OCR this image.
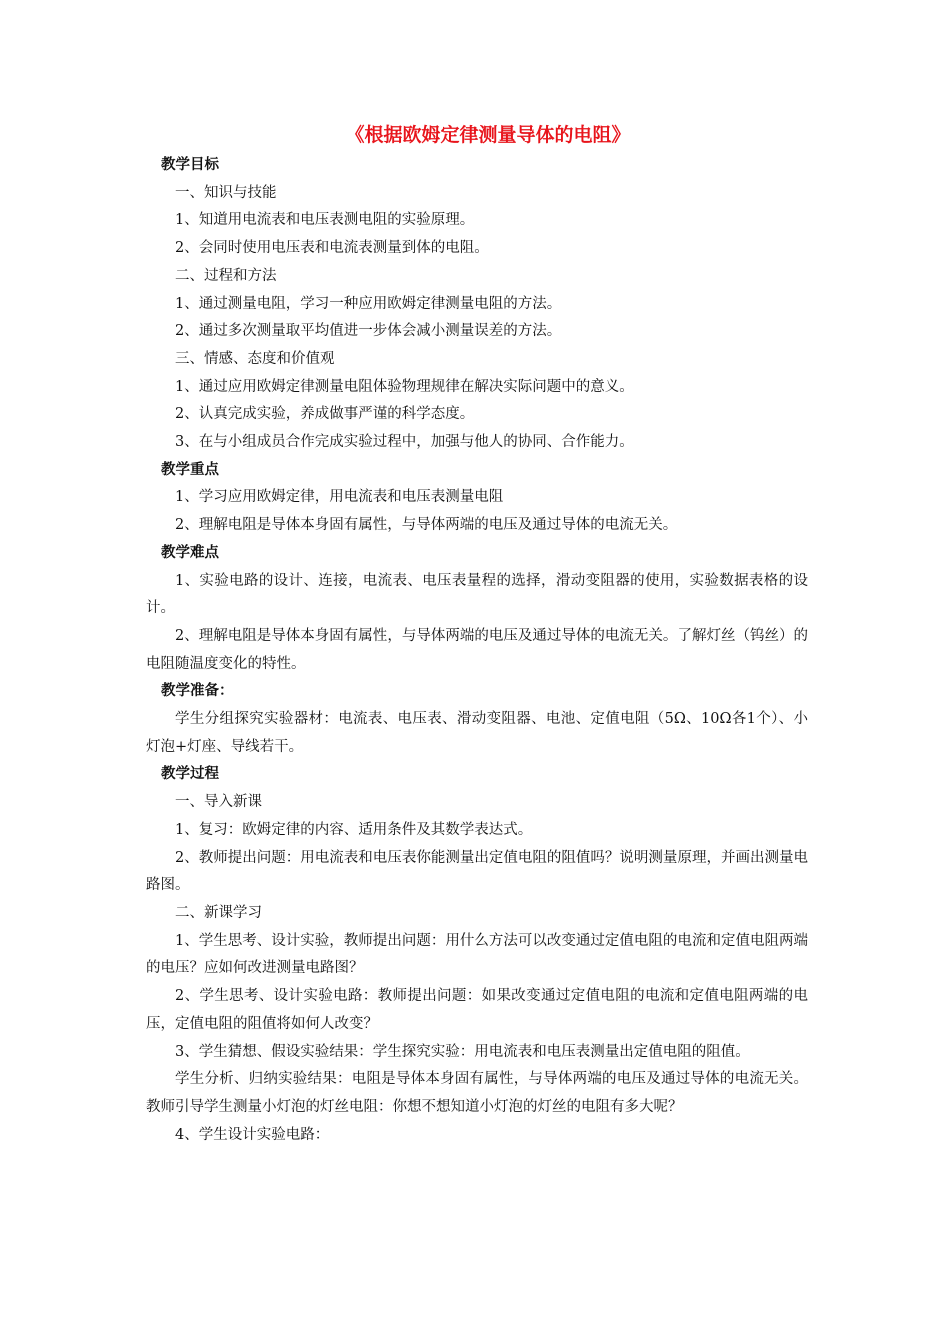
《根据欧姆定律测量导体的电阻》

教学目标

一、知识与技能

1、知道用电流表和电压表测电阻的实验原理。

2、会同时使用电压表和电流表测量到体的电阻。

二、过程和方法

1、通过测量电阻，学习一种应用欧姆定律测量电阻的方法。

2、通过多次测量取平均值进一步体会减小测量误差的方法。

三、情感、态度和价值观

1、通过应用欧姆定律测量电阻体验物理规律在解决实际问题中的意义。

2、认真完成实验，养成做事严谨的科学态度。

3、在与小组成员合作完成实验过程中，加强与他人的协同、合作能力。

教学重点

1、学习应用欧姆定律，用电流表和电压表测量电阻

2、理解电阻是导体本身固有属性，与导体两端的电压及通过导体的电流无关。

教学难点

1、实验电路的设计、连接，电流表、电压表量程的选择，滑动变阻器的使用，实验数据表格的设计。

2、理解电阻是导体本身固有属性，与导体两端的电压及通过导体的电流无关。了解灯丝（钨丝）的电阻随温度变化的特性。

教学准备：

学生分组探究实验器材：电流表、电压表、滑动变阻器、电池、定值电阻（5Ω、10Ω各1个）、小灯泡+灯座、导线若干。

教学过程

一、导入新课

1、复习：欧姆定律的内容、适用条件及其数学表达式。

2、教师提出问题：用电流表和电压表你能测量出定值电阻的阻值吗？说明测量原理，并画出测量电路图。

二、新课学习

1、学生思考、设计实验，教师提出问题：用什么方法可以改变通过定值电阻的电流和定值电阻两端的电压？应如何改进测量电路图？

2、学生思考、设计实验电路：教师提出问题：如果改变通过定值电阻的电流和定值电阻两端的电压，定值电阻的阻值将如何人改变？

3、学生猜想、假设实验结果：学生探究实验：用电流表和电压表测量出定值电阻的阻值。

学生分析、归纳实验结果：电阻是导体本身固有属性，与导体两端的电压及通过导体的电流无关。教师引导学生测量小灯泡的灯丝电阻：你想不想知道小灯泡的灯丝的电阻有多大呢？

4、学生设计实验电路：
